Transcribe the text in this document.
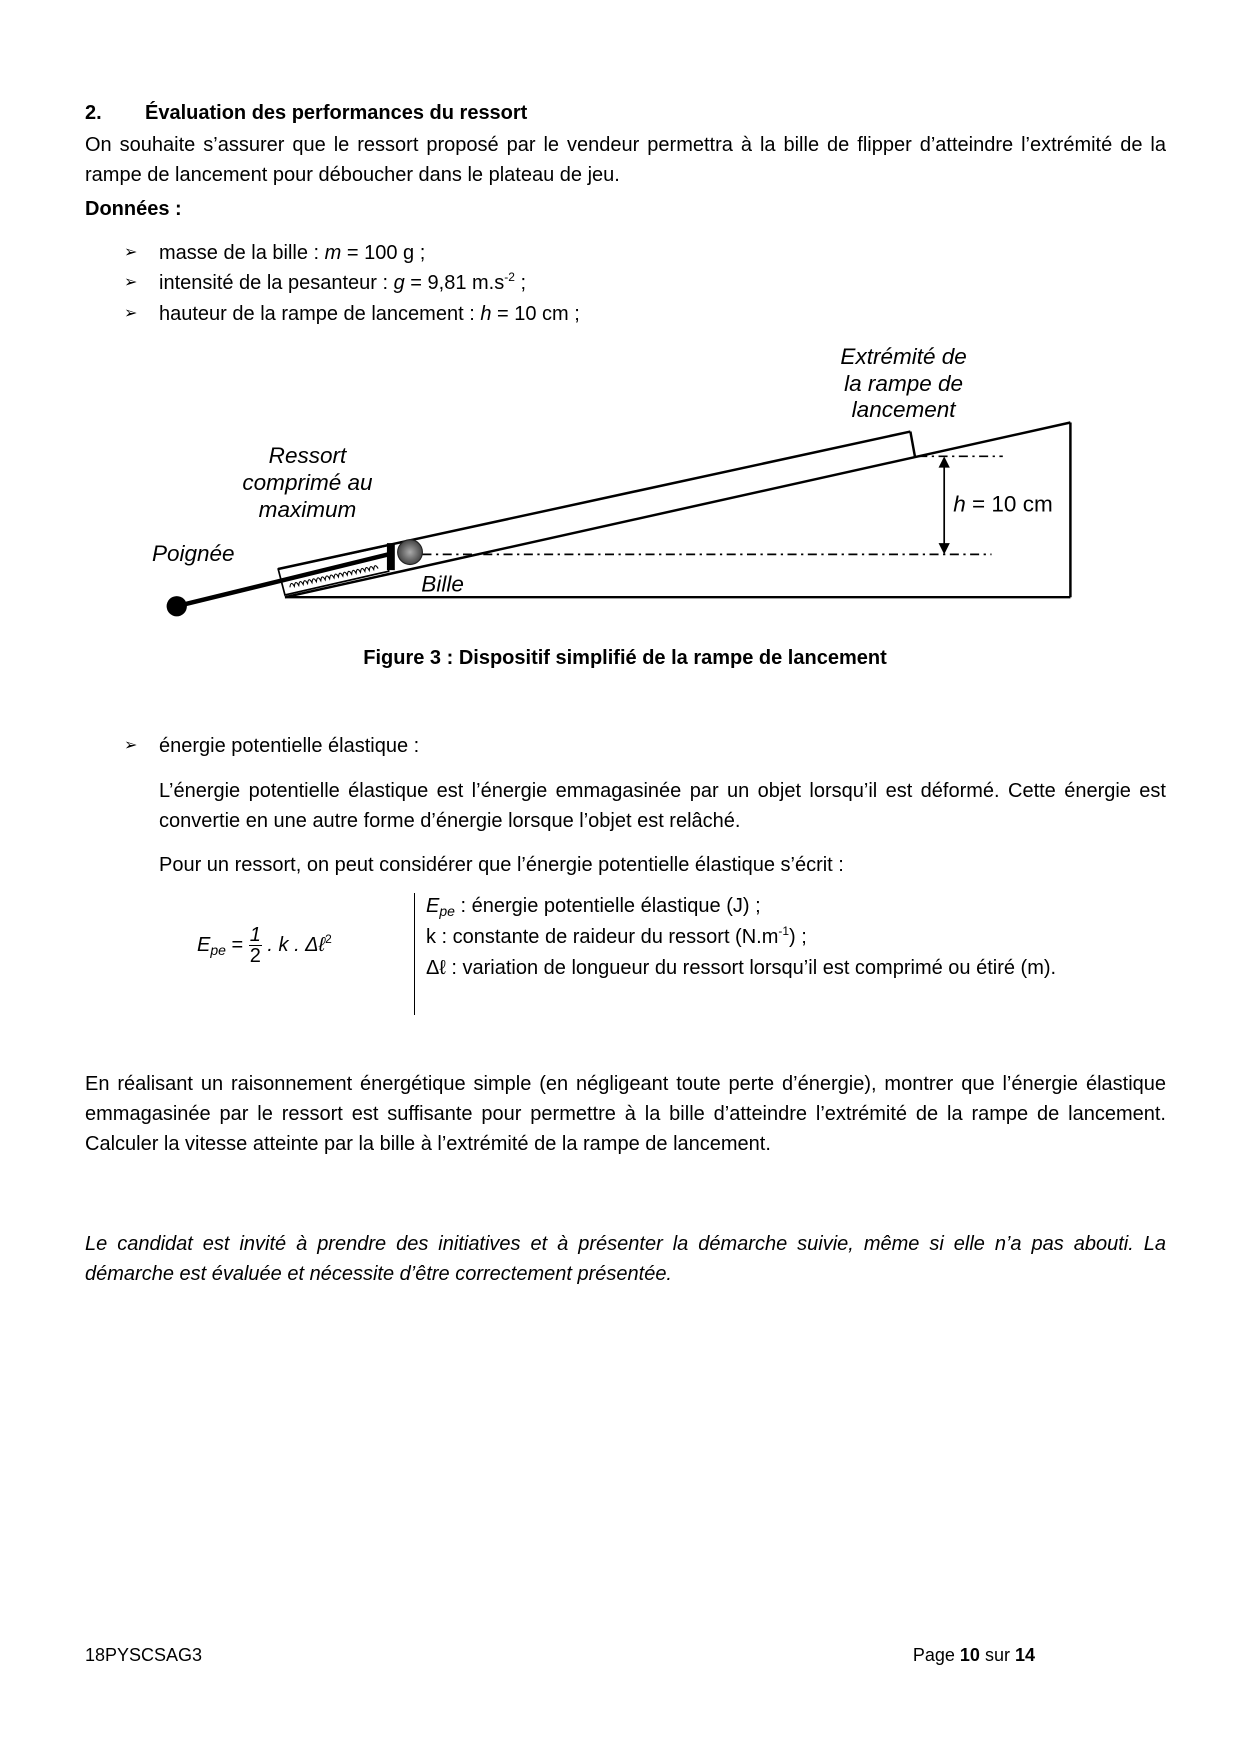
2. Évaluation des performances du ressort
On souhaite s’assurer que le ressort proposé par le vendeur permettra à la bille de flipper d’atteindre l’extrémité de la rampe de lancement pour déboucher dans le plateau de jeu.
Données :
➢ masse de la bille : m = 100 g ;
➢ intensité de la pesanteur : g = 9,81 $m.s^{-2}$ ;
➢ hauteur de la rampe de lancement : h = 10 cm ;
Extrémité de
la rampe de
lancement
Ressort
comprimé au
maximum
Poignée
Bille
h = 10 cm
Figure 3 : Dispositif simplifié de la rampe de lancement
➢ énergie potentielle élastique :
L’énergie potentielle élastique est l’énergie emmagasinée par un objet lorsqu’il est déformé. Cette énergie est convertie en une autre forme d’énergie lorsque l’objet est relâché.
Pour un ressort, on peut considérer que l’énergie potentielle élastique s’écrit :
$E_{pe} = \frac{1}{2}$ . k . Δℓ$^2$
$E_{pe}$ : énergie potentielle élastique (J) ;
k : constante de raideur du ressort $(N.m^{-1})$ ;
Δℓ : variation de longueur du ressort lorsqu’il est comprimé ou étiré (m).
En réalisant un raisonnement énergétique simple (en négligeant toute perte d’énergie), montrer que l’énergie élastique emmagasinée par le ressort est suffisante pour permettre à la bille d’atteindre l’extrémité de la rampe de lancement. Calculer la vitesse atteinte par la bille à l’extrémité de la rampe de lancement.
Le candidat est invité à prendre des initiatives et à présenter la démarche suivie, même si elle n’a pas abouti. La démarche est évaluée et nécessite d’être correctement présentée.
18PYSCSAG3	Page 10 sur 14
